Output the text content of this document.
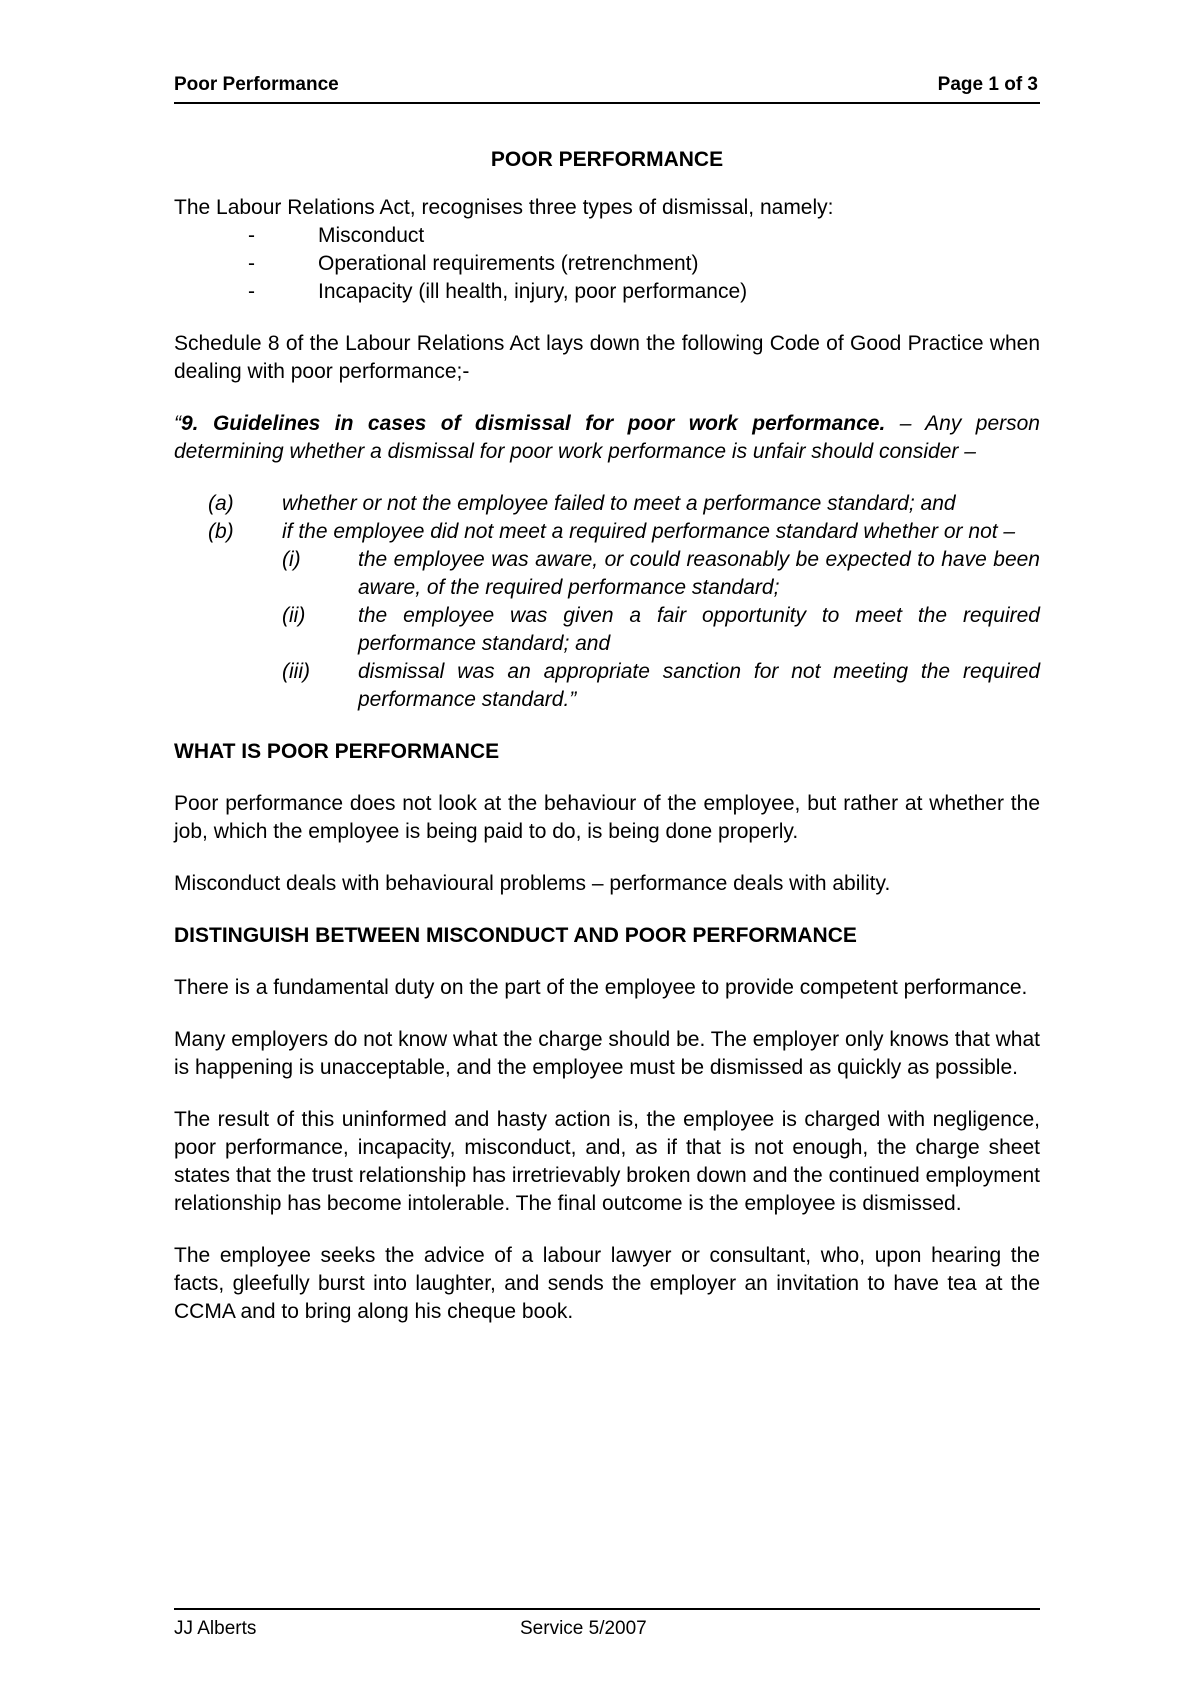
Poor Performance	Page 1 of 3

POOR PERFORMANCE

The Labour Relations Act, recognises three types of dismissal, namely:

-	Misconduct
-	Operational requirements (retrenchment)
-	Incapacity (ill health, injury, poor performance)

Schedule 8 of the Labour Relations Act lays down the following Code of Good Practice when dealing with poor performance;-

“9. Guidelines in cases of dismissal for poor work performance. – Any person determining whether a dismissal for poor work performance is unfair should consider –

(a) whether or not the employee failed to meet a performance standard; and
(b) if the employee did not meet a required performance standard whether or not –
(i)	the employee was aware, or could reasonably be expected to have been aware, of the required performance standard;
(ii)	the employee was given a fair opportunity to meet the required performance standard; and
(iii) dismissal was an appropriate sanction for not meeting the required performance standard.”

WHAT IS POOR PERFORMANCE

Poor performance does not look at the behaviour of the employee, but rather at whether the job, which the employee is being paid to do, is being done properly.

Misconduct deals with behavioural problems – performance deals with ability.

DISTINGUISH BETWEEN MISCONDUCT AND POOR PERFORMANCE

There is a fundamental duty on the part of the employee to provide competent performance.

Many employers do not know what the charge should be. The employer only knows that what is happening is unacceptable, and the employee must be dismissed as quickly as possible.

The result of this uninformed and hasty action is, the employee is charged with negligence, poor performance, incapacity, misconduct, and, as if that is not enough, the charge sheet states that the trust relationship has irretrievably broken down and the continued employment relationship has become intolerable. The final outcome is the employee is dismissed.

The employee seeks the advice of a labour lawyer or consultant, who, upon hearing the facts, gleefully burst into laughter, and sends the employer an invitation to have tea at the CCMA and to bring along his cheque book.

JJ Alberts	Service 5/2007
